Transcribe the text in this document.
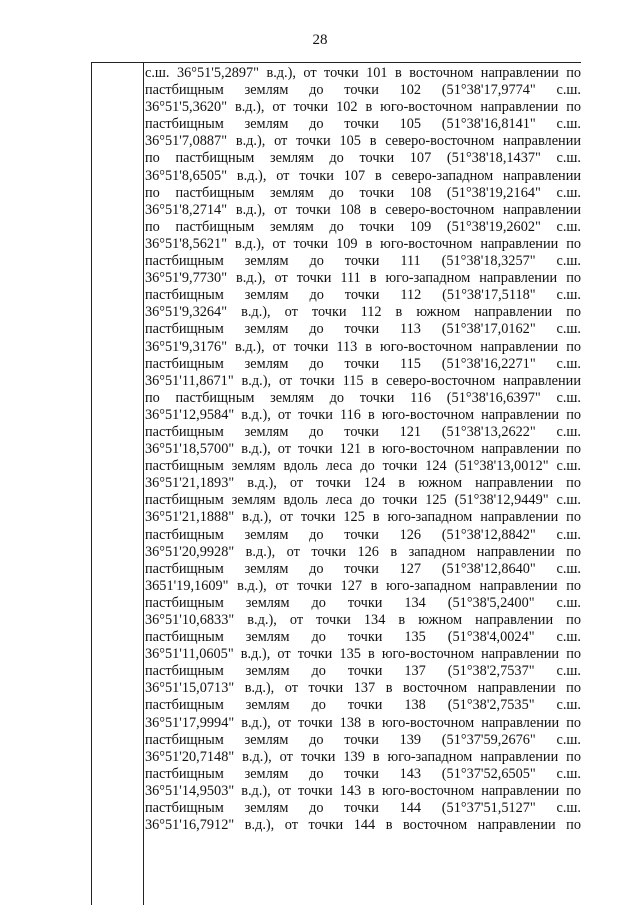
28
с.ш. 36°51'5,2897" в.д.), от точки 101 в восточном направлении по
пастбищным землям до точки 102 (51°38'17,9774" с.ш.
36°51'5,3620" в.д.), от точки 102 в юго-восточном направлении по
пастбищным землям до точки 105 (51°38'16,8141" с.ш.
36°51'7,0887" в.д.), от точки 105 в северо-восточном направлении
по пастбищным землям до точки 107 (51°38'18,1437" с.ш.
36°51'8,6505" в.д.), от точки 107 в северо-западном направлении
по пастбищным землям до точки 108 (51°38'19,2164" с.ш.
36°51'8,2714" в.д.), от точки 108 в северо-восточном направлении
по пастбищным землям до точки 109 (51°38'19,2602" с.ш.
36°51'8,5621" в.д.), от точки 109 в юго-восточном направлении по
пастбищным землям до точки 111 (51°38'18,3257" с.ш.
36°51'9,7730" в.д.), от точки 111 в юго-западном направлении по
пастбищным землям до точки 112 (51°38'17,5118" с.ш.
36°51'9,3264" в.д.), от точки 112 в южном направлении по
пастбищным землям до точки 113 (51°38'17,0162" с.ш.
36°51'9,3176" в.д.), от точки 113 в юго-восточном направлении по
пастбищным землям до точки 115 (51°38'16,2271" с.ш.
36°51'11,8671" в.д.), от точки 115 в северо-восточном направлении
по пастбищным землям до точки 116 (51°38'16,6397" с.ш.
36°51'12,9584" в.д.), от точки 116 в юго-восточном направлении по
пастбищным землям до точки 121 (51°38'13,2622" с.ш.
36°51'18,5700" в.д.), от точки 121 в юго-восточном направлении по
пастбищным землям вдоль леса до точки 124 (51°38'13,0012" с.ш.
36°51'21,1893" в.д.), от точки 124 в южном направлении по
пастбищным землям вдоль леса до точки 125 (51°38'12,9449" с.ш.
36°51'21,1888" в.д.), от точки 125 в юго-западном направлении по
пастбищным землям до точки 126 (51°38'12,8842" с.ш.
36°51'20,9928" в.д.), от точки 126 в западном направлении по
пастбищным землям до точки 127 (51°38'12,8640" с.ш.
3651'19,1609" в.д.), от точки 127 в юго-западном направлении по
пастбищным землям до точки 134 (51°38'5,2400" с.ш.
36°51'10,6833" в.д.), от точки 134 в южном направлении по
пастбищным землям до точки 135 (51°38'4,0024" с.ш.
36°51'11,0605" в.д.), от точки 135 в юго-восточном направлении по
пастбищным землям до точки 137 (51°38'2,7537" с.ш.
36°51'15,0713" в.д.), от точки 137 в восточном направлении по
пастбищным землям до точки 138 (51°38'2,7535" с.ш.
36°51'17,9994" в.д.), от точки 138 в юго-восточном направлении по
пастбищным землям до точки 139 (51°37'59,2676" с.ш.
36°51'20,7148" в.д.), от точки 139 в юго-западном направлении по
пастбищным землям до точки 143 (51°37'52,6505" с.ш.
36°51'14,9503" в.д.), от точки 143 в юго-восточном направлении по
пастбищным землям до точки 144 (51°37'51,5127" с.ш.
36°51'16,7912" в.д.), от точки 144 в восточном направлении по
